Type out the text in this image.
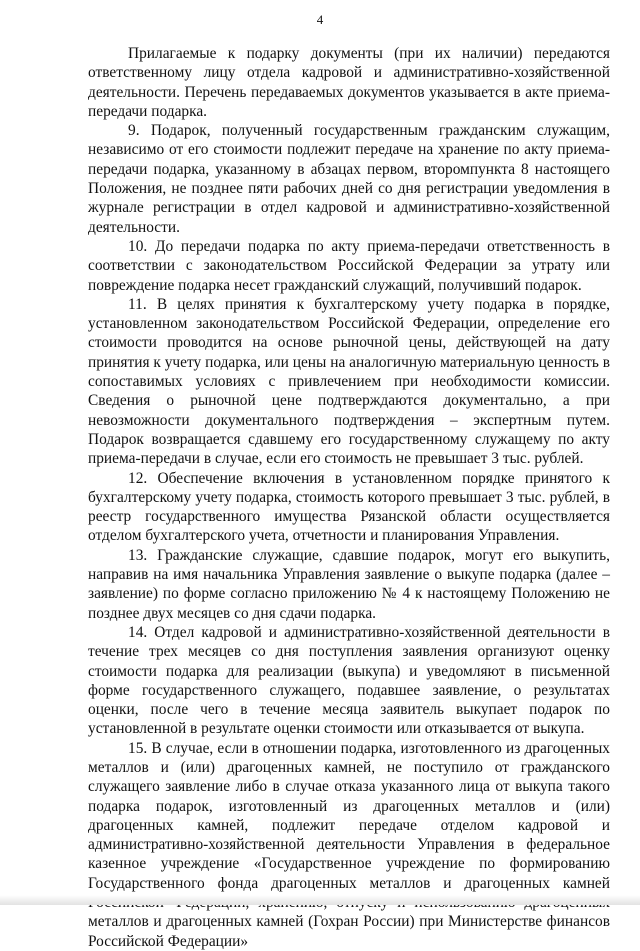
4

Прилагаемые к подарку документы (при их наличии) передаются ответственному лицу отдела кадровой и административно-хозяйственной деятельности. Перечень передаваемых документов указывается в акте приема-передачи подарка.

9. Подарок, полученный государственным гражданским служащим, независимо от его стоимости подлежит передаче на хранение по акту приема-передачи подарка, указанному в абзацах первом, второмпункта 8 настоящего Положения, не позднее пяти рабочих дней со дня регистрации уведомления в журнале регистрации в отдел кадровой и административно-хозяйственной деятельности.

10. До передачи подарка по акту приема-передачи ответственность в соответствии с законодательством Российской Федерации за утрату или повреждение подарка несет гражданский служащий, получивший подарок.

11. В целях принятия к бухгалтерскому учету подарка в порядке, установленном законодательством Российской Федерации, определение его стоимости проводится на основе рыночной цены, действующей на дату принятия к учету подарка, или цены на аналогичную материальную ценность в сопоставимых условиях с привлечением при необходимости комиссии. Сведения о рыночной цене подтверждаются документально, а при невозможности документального подтверждения – экспертным путем. Подарок возвращается сдавшему его государственному служащему по акту приема-передачи в случае, если его стоимость не превышает 3 тыс. рублей.

12. Обеспечение включения в установленном порядке принятого к бухгалтерскому учету подарка, стоимость которого превышает 3 тыс. рублей, в реестр государственного имущества Рязанской области осуществляется отделом бухгалтерского учета, отчетности и планирования Управления.

13. Гражданские служащие, сдавшие подарок, могут его выкупить, направив на имя начальника Управления заявление о выкупе подарка (далее – заявление) по форме согласно приложению № 4 к настоящему Положению не позднее двух месяцев со дня сдачи подарка.

14. Отдел кадровой и административно-хозяйственной деятельности в течение трех месяцев со дня поступления заявления организуют оценку стоимости подарка для реализации (выкупа) и уведомляют в письменной форме государственного служащего, подавшее заявление, о результатах оценки, после чего в течение месяца заявитель выкупает подарок по установленной в результате оценки стоимости или отказывается от выкупа.

15. В случае, если в отношении подарка, изготовленного из драгоценных металлов и (или) драгоценных камней, не поступило от гражданского служащего заявление либо в случае отказа указанного лица от выкупа такого подарка подарок, изготовленный из драгоценных металлов и (или) драгоценных камней, подлежит передаче отделом кадровой и административно-хозяйственной деятельности Управления в федеральное казенное учреждение «Государственное учреждение по формированию Государственного фонда драгоценных металлов и драгоценных камней металлов и драгоценных камней (Гохран России) при Министерстве финансов Российской Федерации»
